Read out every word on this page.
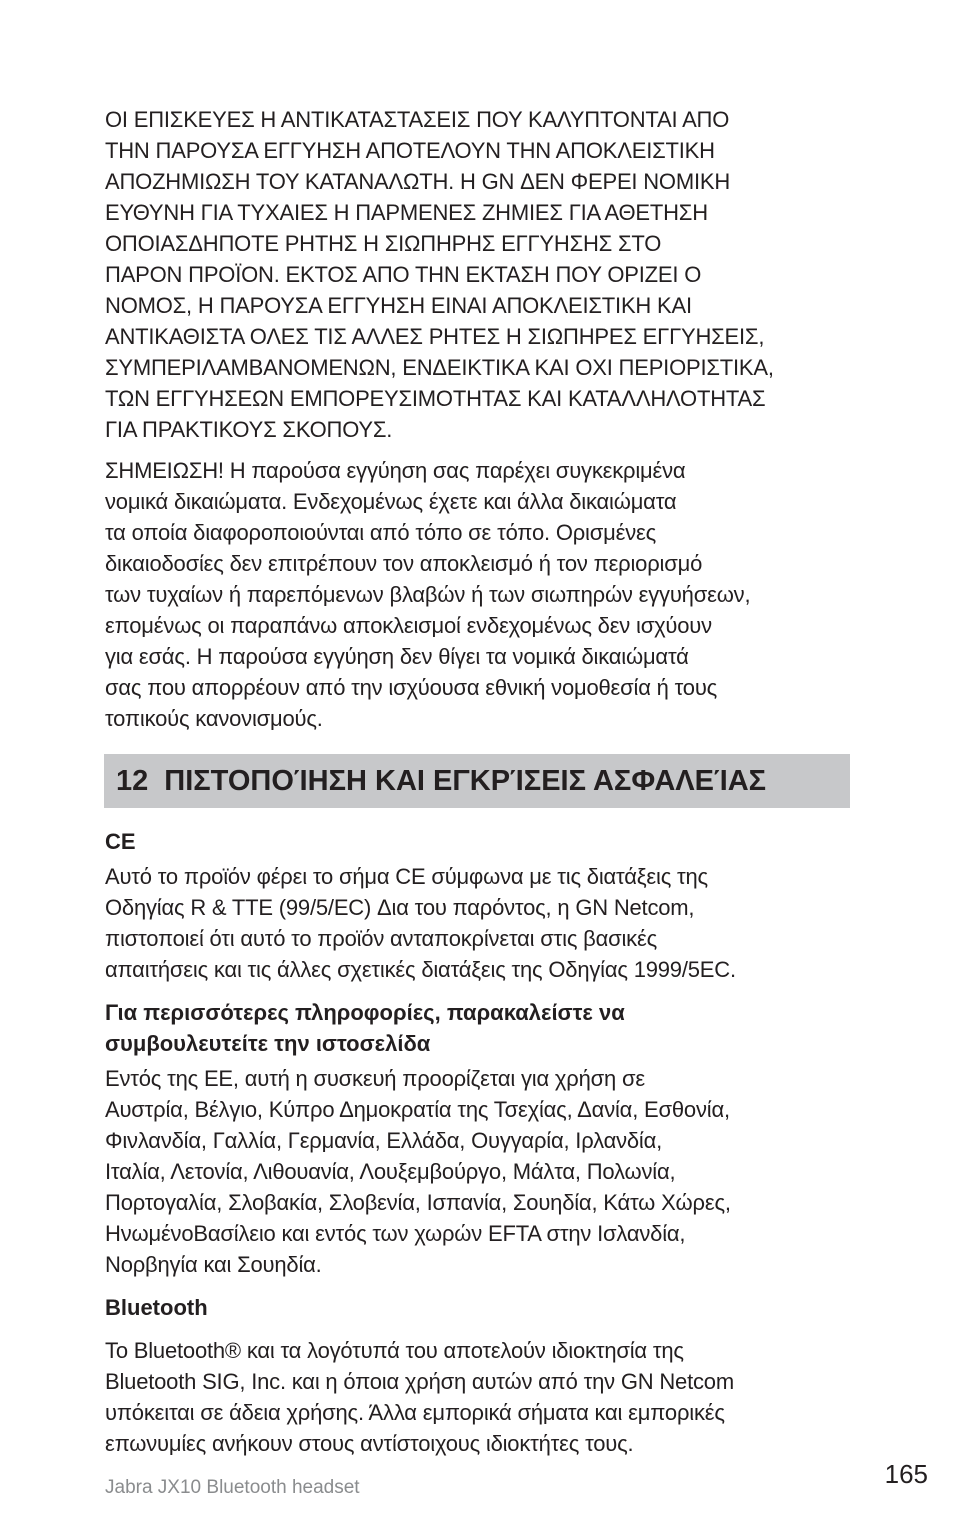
ΟΙ ΕΠΙΣΚΕΥΕΣ Η ΑΝΤΙΚΑΤΑΣΤΑΣΕΙΣ ΠΟΥ ΚΑΛΥΠΤΟΝΤΑΙ ΑΠΟ
ΤΗΝ ΠΑΡΟΥΣΑ ΕΓΓΥΗΣΗ ΑΠΟΤΕΛΟΥΝ ΤΗΝ ΑΠΟΚΛΕΙΣΤΙΚΗ
ΑΠΟΖΗΜΙΩΣΗ ΤΟΥ ΚΑΤΑΝΑΛΩΤΗ. Η GN ΔΕΝ ΦΕΡΕΙ ΝΟΜΙΚΗ
ΕΥΘΥΝΗ ΓΙΑ ΤΥΧΑΙΕΣ Η ΠΑΡΜΕΝΕΣ ΖΗΜΙΕΣ ΓΙΑ ΑΘΕΤΗΣΗ
ΟΠΟΙΑΣΔΗΠΟΤΕ ΡΗΤΗΣ Η ΣΙΩΠΗΡΗΣ ΕΓΓΥΗΣΗΣ ΣΤΟ
ΠΑΡΟΝ ΠΡΟΪΟΝ. ΕΚΤΟΣ ΑΠΟ ΤΗΝ ΕΚΤΑΣΗ ΠΟΥ ΟΡΙΖΕΙ Ο
ΝΟΜΟΣ, Η ΠΑΡΟΥΣΑ ΕΓΓΥΗΣΗ ΕΙΝΑΙ ΑΠΟΚΛΕΙΣΤΙΚΗ ΚΑΙ
ΑΝΤΙΚΑΘΙΣΤΑ ΟΛΕΣ ΤΙΣ ΑΛΛΕΣ ΡΗΤΕΣ Η ΣΙΩΠΗΡΕΣ ΕΓΓΥΗΣΕΙΣ,
ΣΥΜΠΕΡΙΛΑΜΒΑΝΟΜΕΝΩΝ, ΕΝΔΕΙΚΤΙΚΑ ΚΑΙ ΟΧΙ ΠΕΡΙΟΡΙΣΤΙΚΑ,
ΤΩΝ ΕΓΓΥΗΣΕΩΝ ΕΜΠΟΡΕΥΣΙΜΟΤΗΤΑΣ ΚΑΙ ΚΑΤΑΛΛΗΛΟΤΗΤΑΣ
ΓΙΑ ΠΡΑΚΤΙΚΟΥΣ ΣΚΟΠΟΥΣ.

ΣΗΜΕΙΩΣΗ! Η παρούσα εγγύηση σας παρέχει συγκεκριμένα
νομικά δικαιώματα. Ενδεχομένως έχετε και άλλα δικαιώματα
τα οποία διαφοροποιούνται από τόπο σε τόπο. Ορισμένες
δικαιοδοσίες δεν επιτρέπουν τον αποκλεισμό ή τον περιορισμό
των τυχαίων ή παρεπόμενων βλαβών ή των σιωπηρών εγγυήσεων,
επομένως οι παραπάνω αποκλεισμοί ενδεχομένως δεν ισχύουν
για εσάς. Η παρούσα εγγύηση δεν θίγει τα νομικά δικαιώματά
σας που απορρέουν από την ισχύουσα εθνική νομοθεσία ή τους
τοπικούς κανονισμούς.

12 ΠΙΣΤΟΠΟΊΗΣΗ ΚΑΙ ΕΓΚΡΊΣΕΙΣ ΑΣΦΑΛΕΊΑΣ

CE

Αυτό το προϊόν φέρει το σήμα CE σύμφωνα με τις διατάξεις της
Οδηγίας R & TTE (99/5/EC) Δια του παρόντος, η GN Netcom,
πιστοποιεί ότι αυτό το προϊόν ανταποκρίνεται στις βασικές
απαιτήσεις και τις άλλες σχετικές διατάξεις της Οδηγίας 1999/5EC.

Για περισσότερες πληροφορίες, παρακαλείστε να
συμβουλευτείτε την ιστοσελίδα

Εντός της ΕΕ, αυτή η συσκευή προορίζεται για χρήση σε
Αυστρία, Βέλγιο, Κύπρο Δημοκρατία της Τσεχίας, Δανία, Εσθονία,
Φινλανδία, Γαλλία, Γερμανία, Ελλάδα, Ουγγαρία, Ιρλανδία,
Ιταλία, Λετονία, Λιθουανία, Λουξεμβούργο, Μάλτα, Πολωνία,
Πορτογαλία, Σλοβακία, Σλοβενία, Ισπανία, Σουηδία, Κάτω Χώρες,
ΗνωμένοΒασίλειο και εντός των χωρών EFTA στην Ισλανδία,
Νορβηγία και Σουηδία.

Bluetooth

Το Bluetooth® και τα λογότυπά του αποτελούν ιδιοκτησία της
Bluetooth SIG, Inc. και η όποια χρήση αυτών από την GN Netcom
υπόκειται σε άδεια χρήσης. Άλλα εμπορικά σήματα και εμπορικές
επωνυμίες ανήκουν στους αντίστοιχους ιδιοκτήτες τους.

Jabra JX10 Bluetooth headset	165
